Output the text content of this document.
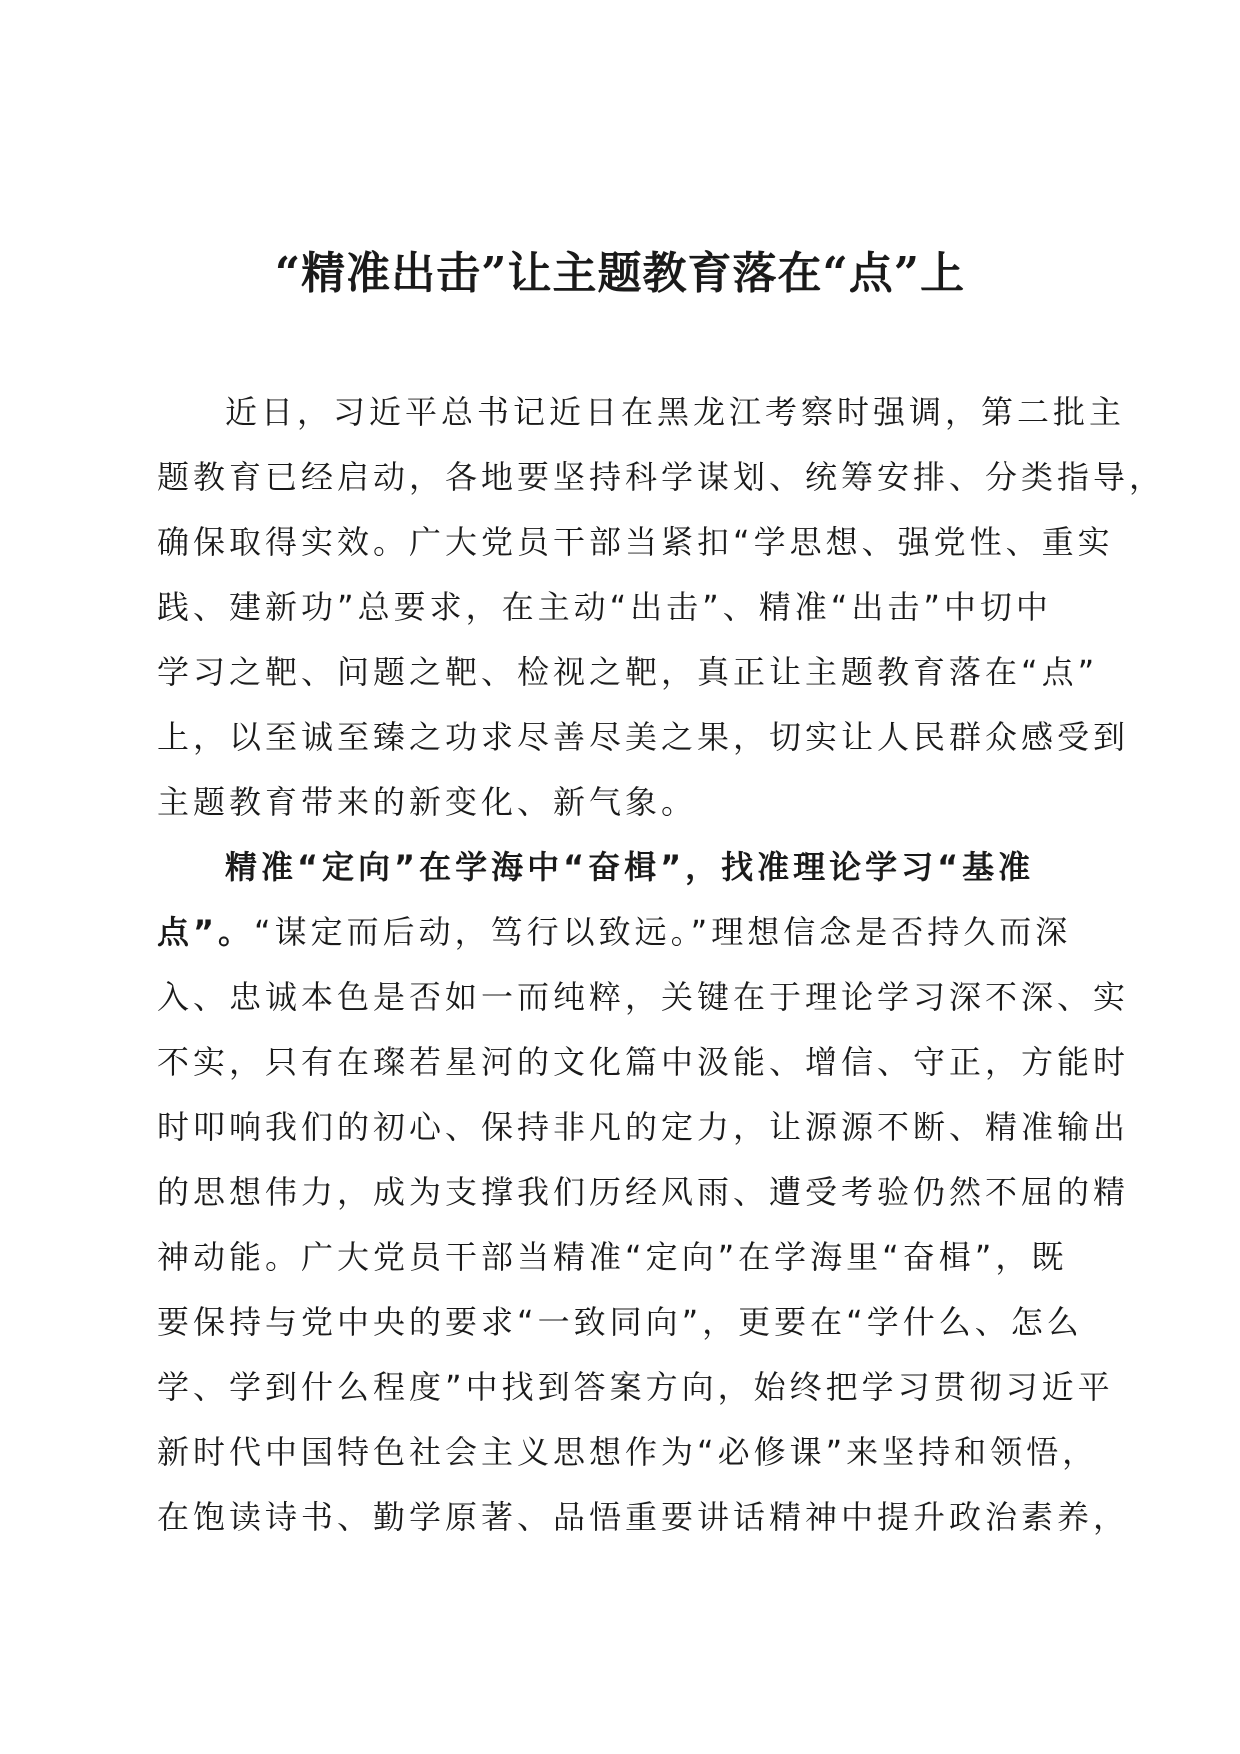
“精准出击”让主题教育落在“点”上
近日，习近平总书记近日在黑龙江考察时强调，第二批主
题教育已经启动，各地要坚持科学谋划、统筹安排、分类指导，
确保取得实效。广大党员干部当紧扣“学思想、强党性、重实
践、建新功”总要求，在主动“出击”、精准“出击”中切中
学习之靶、问题之靶、检视之靶，真正让主题教育落在“点”
上，以至诚至臻之功求尽善尽美之果，切实让人民群众感受到
主题教育带来的新变化、新气象。
精准“定向”在学海中“奋楫”，找准理论学习“基准
点”。“谋定而后动，笃行以致远。”理想信念是否持久而深
入、忠诚本色是否如一而纯粹，关键在于理论学习深不深、实
不实，只有在璨若星河的文化篇中汲能、增信、守正，方能时
时叩响我们的初心、保持非凡的定力，让源源不断、精准输出
的思想伟力，成为支撑我们历经风雨、遭受考验仍然不屈的精
神动能。广大党员干部当精准“定向”在学海里“奋楫”，既
要保持与党中央的要求“一致同向”，更要在“学什么、怎么
学、学到什么程度”中找到答案方向，始终把学习贯彻习近平
新时代中国特色社会主义思想作为“必修课”来坚持和领悟，
在饱读诗书、勤学原著、品悟重要讲话精神中提升政治素养，
